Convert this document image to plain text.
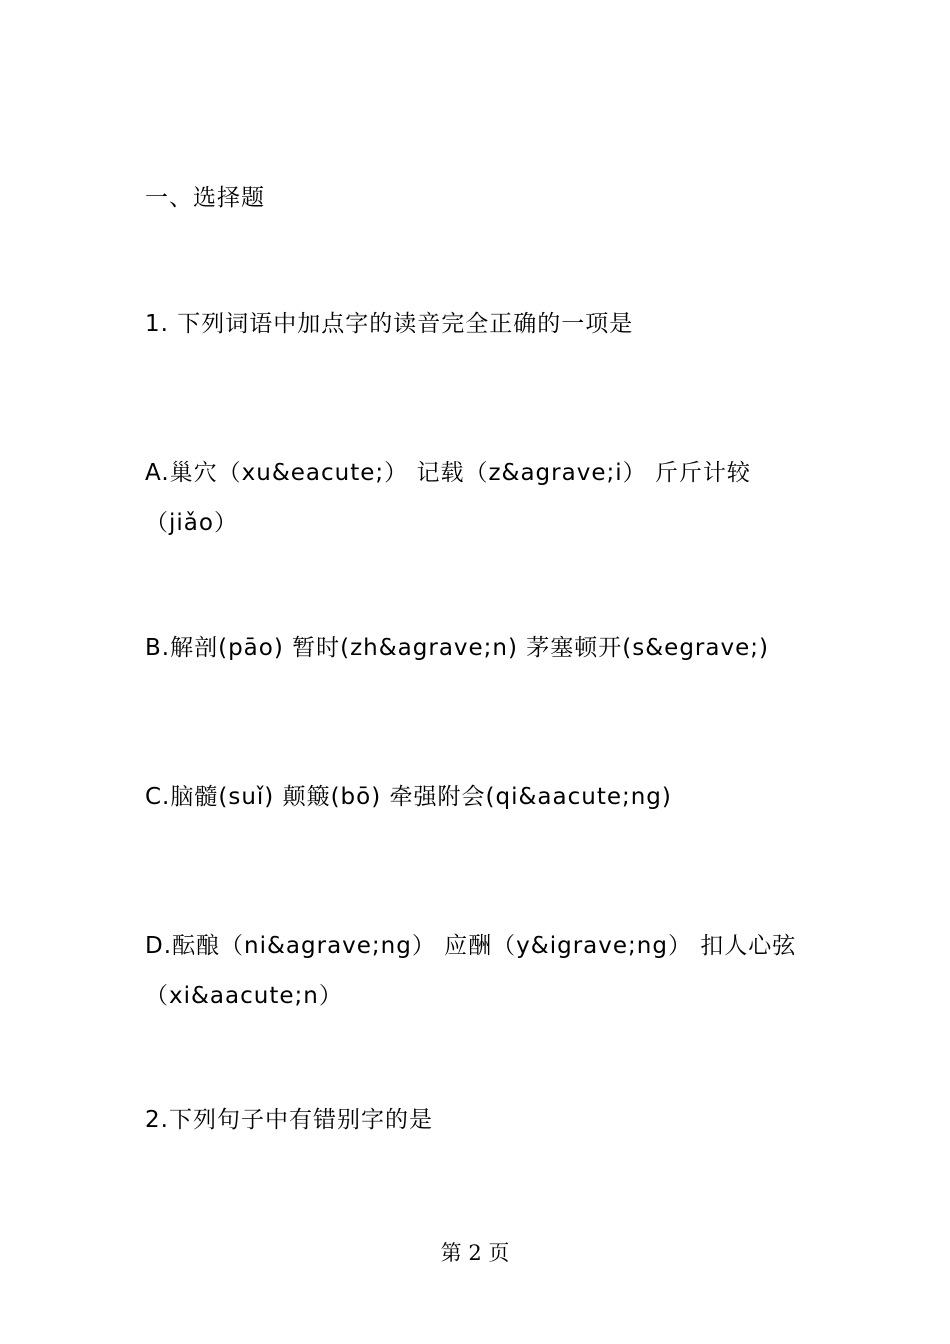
一、选择题
1. 下列词语中加点字的读音完全正确的一项是
A.巢穴（xu&eacute;） 记载（z&agrave;i） 斤斤计较
（jiǎo）
B.解剖(pāo) 暂时(zh&agrave;n) 茅塞顿开(s&egrave;)
C.脑髓(suǐ) 颠簸(bō) 牵强附会(qi&aacute;ng)
D.酝酿（ni&agrave;ng） 应酬（y&igrave;ng） 扣人心弦
（xi&aacute;n）
2.下列句子中有错别字的是
第 2 页
